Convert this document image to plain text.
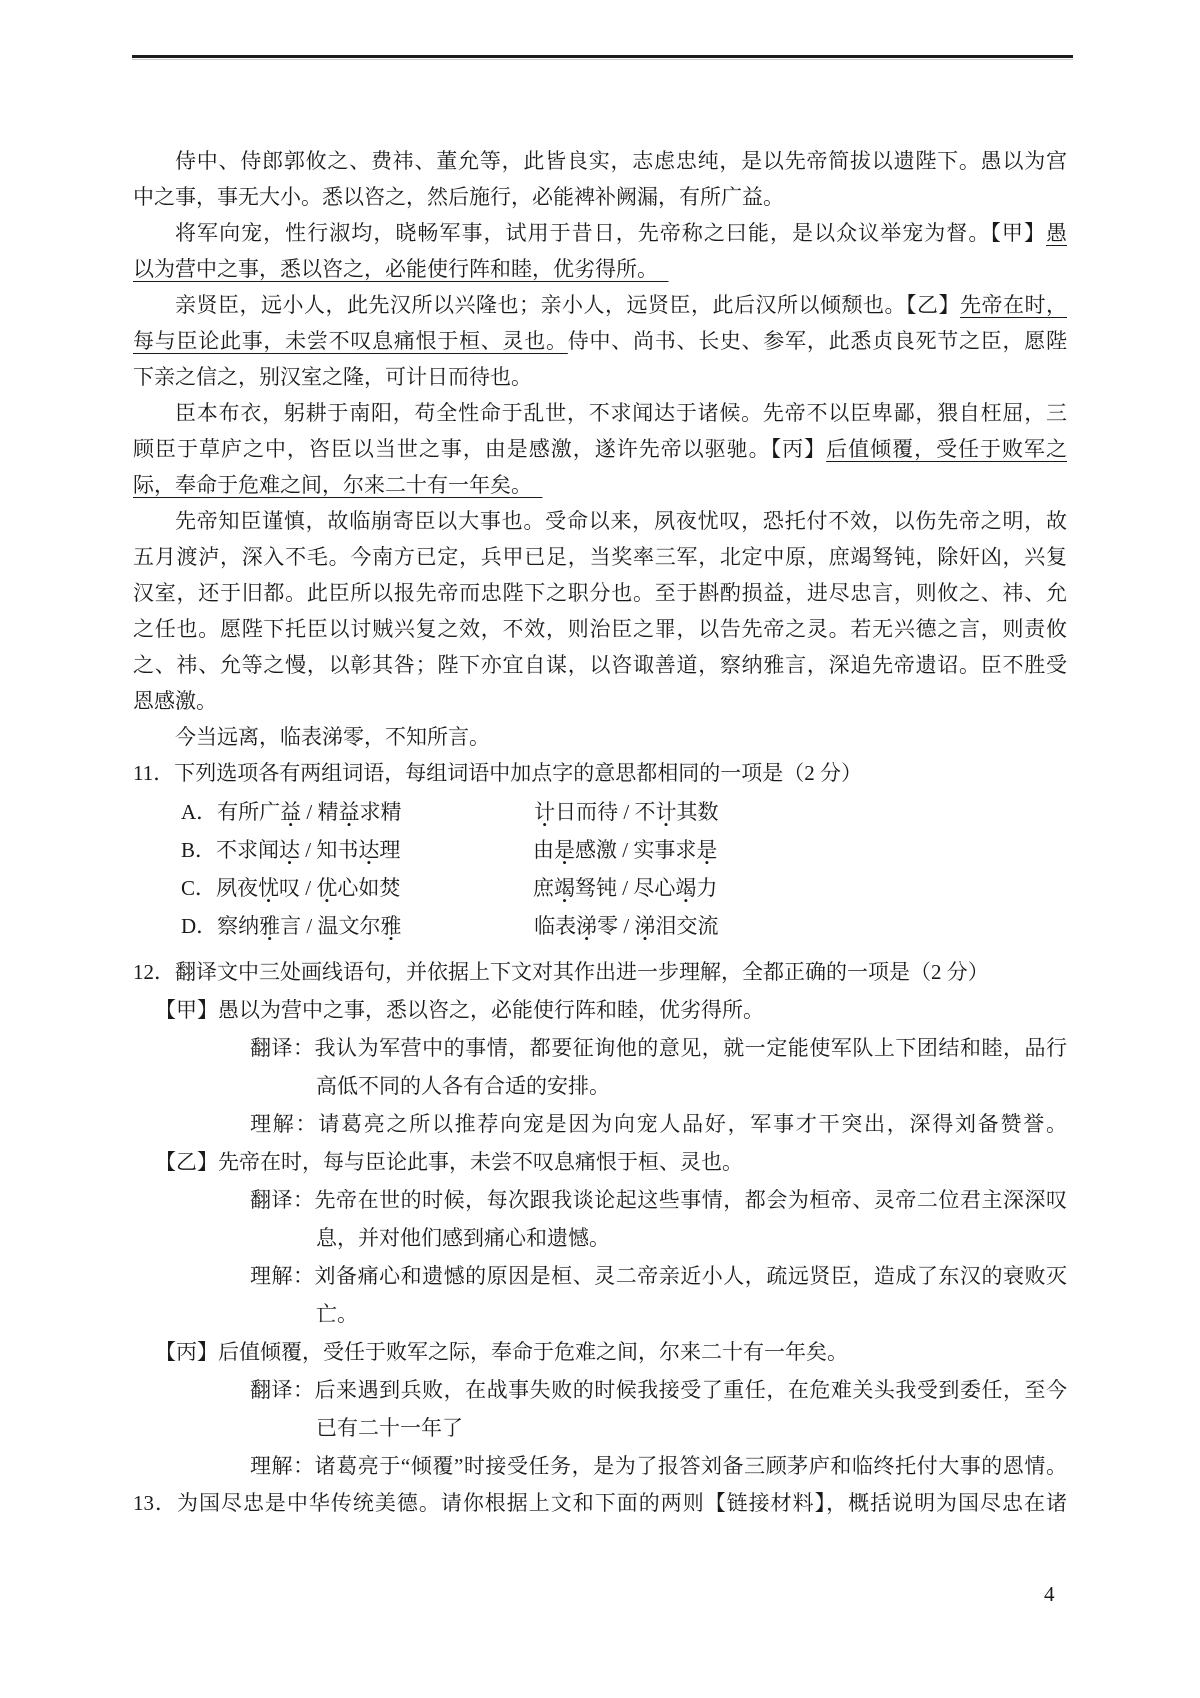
侍中、侍郎郭攸之、费祎、董允等，此皆良实，志虑忠纯，是以先帝简拔以遗陛下。愚以为宫
中之事，事无大小。悉以咨之，然后施行，必能裨补阙漏，有所广益。
将军向宠，性行淑均，晓畅军事，试用于昔日，先帝称之曰能，是以众议举宠为督。【甲】愚
以为营中之事，悉以咨之，必能使行阵和睦，优劣得所。　
亲贤臣，远小人，此先汉所以兴隆也；亲小人，远贤臣，此后汉所以倾颓也。【乙】先帝在时，
每与臣论此事，未尝不叹息痛恨于桓、灵也。侍中、尚书、长史、参军，此悉贞良死节之臣，愿陛
下亲之信之，别汉室之隆，可计日而待也。
臣本布衣，躬耕于南阳，苟全性命于乱世，不求闻达于诸候。先帝不以臣卑鄙，猥自枉屈，三
顾臣于草庐之中，咨臣以当世之事，由是感激，遂许先帝以驱驰。【丙】后值倾覆，受任于败军之
际，奉命于危难之间，尔来二十有一年矣。　
先帝知臣谨慎，故临崩寄臣以大事也。受命以来，夙夜忧叹，恐托付不效，以伤先帝之明，故
五月渡泸，深入不毛。今南方已定，兵甲已足，当奖率三军，北定中原，庶竭驽钝，除奸凶，兴复
汉室，还于旧都。此臣所以报先帝而忠陛下之职分也。至于斟酌损益，进尽忠言，则攸之、祎、允
之任也。愿陛下托臣以讨贼兴复之效，不效，则治臣之罪，以告先帝之灵。若无兴德之言，则责攸
之、祎、允等之慢，以彰其咎；陛下亦宜自谋，以咨诹善道，察纳雅言，深追先帝遗诏。臣不胜受
恩感激。
今当远离，临表涕零，不知所言。
11．下列选项各有两组词语，每组词语中加点字的意思都相同的一项是（2 分）
A． 有所广益 / 精益求精	计日而待 / 不计其数
B． 不求闻达 / 知书达理	由是感激 / 实事求是
C． 夙夜忧叹 / 优心如焚	庶竭驽钝 / 尽心竭力
D． 察纳雅言 / 温文尔雅	临表涕零 / 涕泪交流
12．翻译文中三处画线语句，并依据上下文对其作出进一步理解，全都正确的一项是（2 分）
【甲】愚以为营中之事，悉以咨之，必能使行阵和睦，优劣得所。
翻译：我认为军营中的事情，都要征询他的意见，就一定能使军队上下团结和睦，品行
高低不同的人各有合适的安排。
理解：请葛亮之所以推荐向宠是因为向宠人品好，军事才干突出，深得刘备赞誉。
【乙】先帝在时，每与臣论此事，未尝不叹息痛恨于桓、灵也。
翻译：先帝在世的时候，每次跟我谈论起这些事情，都会为桓帝、灵帝二位君主深深叹
息，并对他们感到痛心和遗憾。
理解：刘备痛心和遗憾的原因是桓、灵二帝亲近小人，疏远贤臣，造成了东汉的衰败灭
亡。
【丙】后值倾覆，受任于败军之际，奉命于危难之间，尔来二十有一年矣。
翻译：后来遇到兵败，在战事失败的时候我接受了重任，在危难关头我受到委任，至今
已有二十一年了
理解：诸葛亮于“倾覆”时接受任务，是为了报答刘备三顾茅庐和临终托付大事的恩情。
13．为国尽忠是中华传统美德。请你根据上文和下面的两则【链接材料】，概括说明为国尽忠在诸
4
